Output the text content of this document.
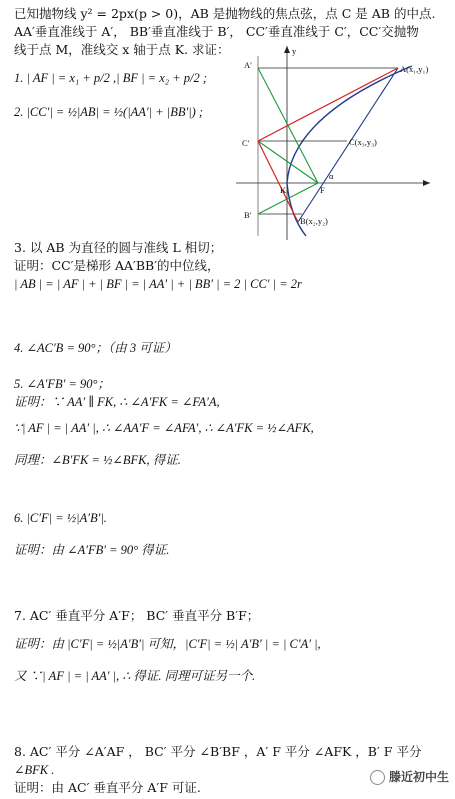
已知抛物线 y² = 2px(p > 0)，AB 是抛物线的焦点弦，点 C 是 AB 的中点.
AA′垂直准线于 A′， BB′垂直准线于 B′， CC′垂直准线于 C′，CC′交抛物
线于点 M，准线交 x 轴于点 K. 求证：
1. | AF | = x₁ + p/2 ,| BF | = x₂ + p/2 ;
2. |CC′| = ½|AB| = ½(|AA′| + |BB′|) ;
A′	A(x₁,y₁)
C′	C(x₃,y₃)
B′
B(x₂,y₂)
F
K
y
α
3. 以 AB 为直径的圆与准线 L 相切；
证明：CC′是梯形 AA′BB′的中位线，
| AB | = | AF | + | BF | = | AA′ | + | BB′ | = 2 | CC′ | = 2r
4. ∠AC′B = 90°；（由 3 可证）
5. ∠A′FB′ = 90°；
证明：∵ AA′ ∥ FK, ∴ ∠A′FK = ∠FA′A,
∵| AF | = | AA′ |, ∴ ∠AA′F = ∠AFA′, ∴ ∠A′FK = ½∠AFK,
同理：∠B′FK = ½∠BFK, 得证.
6. |C′F| = ½|A′B′|.
证明：由 ∠A′FB′ = 90° 得证.
7. AC′ 垂直平分 A′F； BC′ 垂直平分 B′F；
证明：由 |C′F| = ½|A′B′| 可知，|C′F| = ½| A′B′ | = | C′A′ |,
又 ∵| AF | = | AA′ |, ∴ 得证. 同理可证另一个.
8. AC′ 平分 ∠A′AF ， BC′ 平分 ∠B′BF ，A′ F 平分 ∠AFK ，B′ F 平分
∠BFK .
证明：由 AC′ 垂直平分 A′F 可证.
滕近初中生
